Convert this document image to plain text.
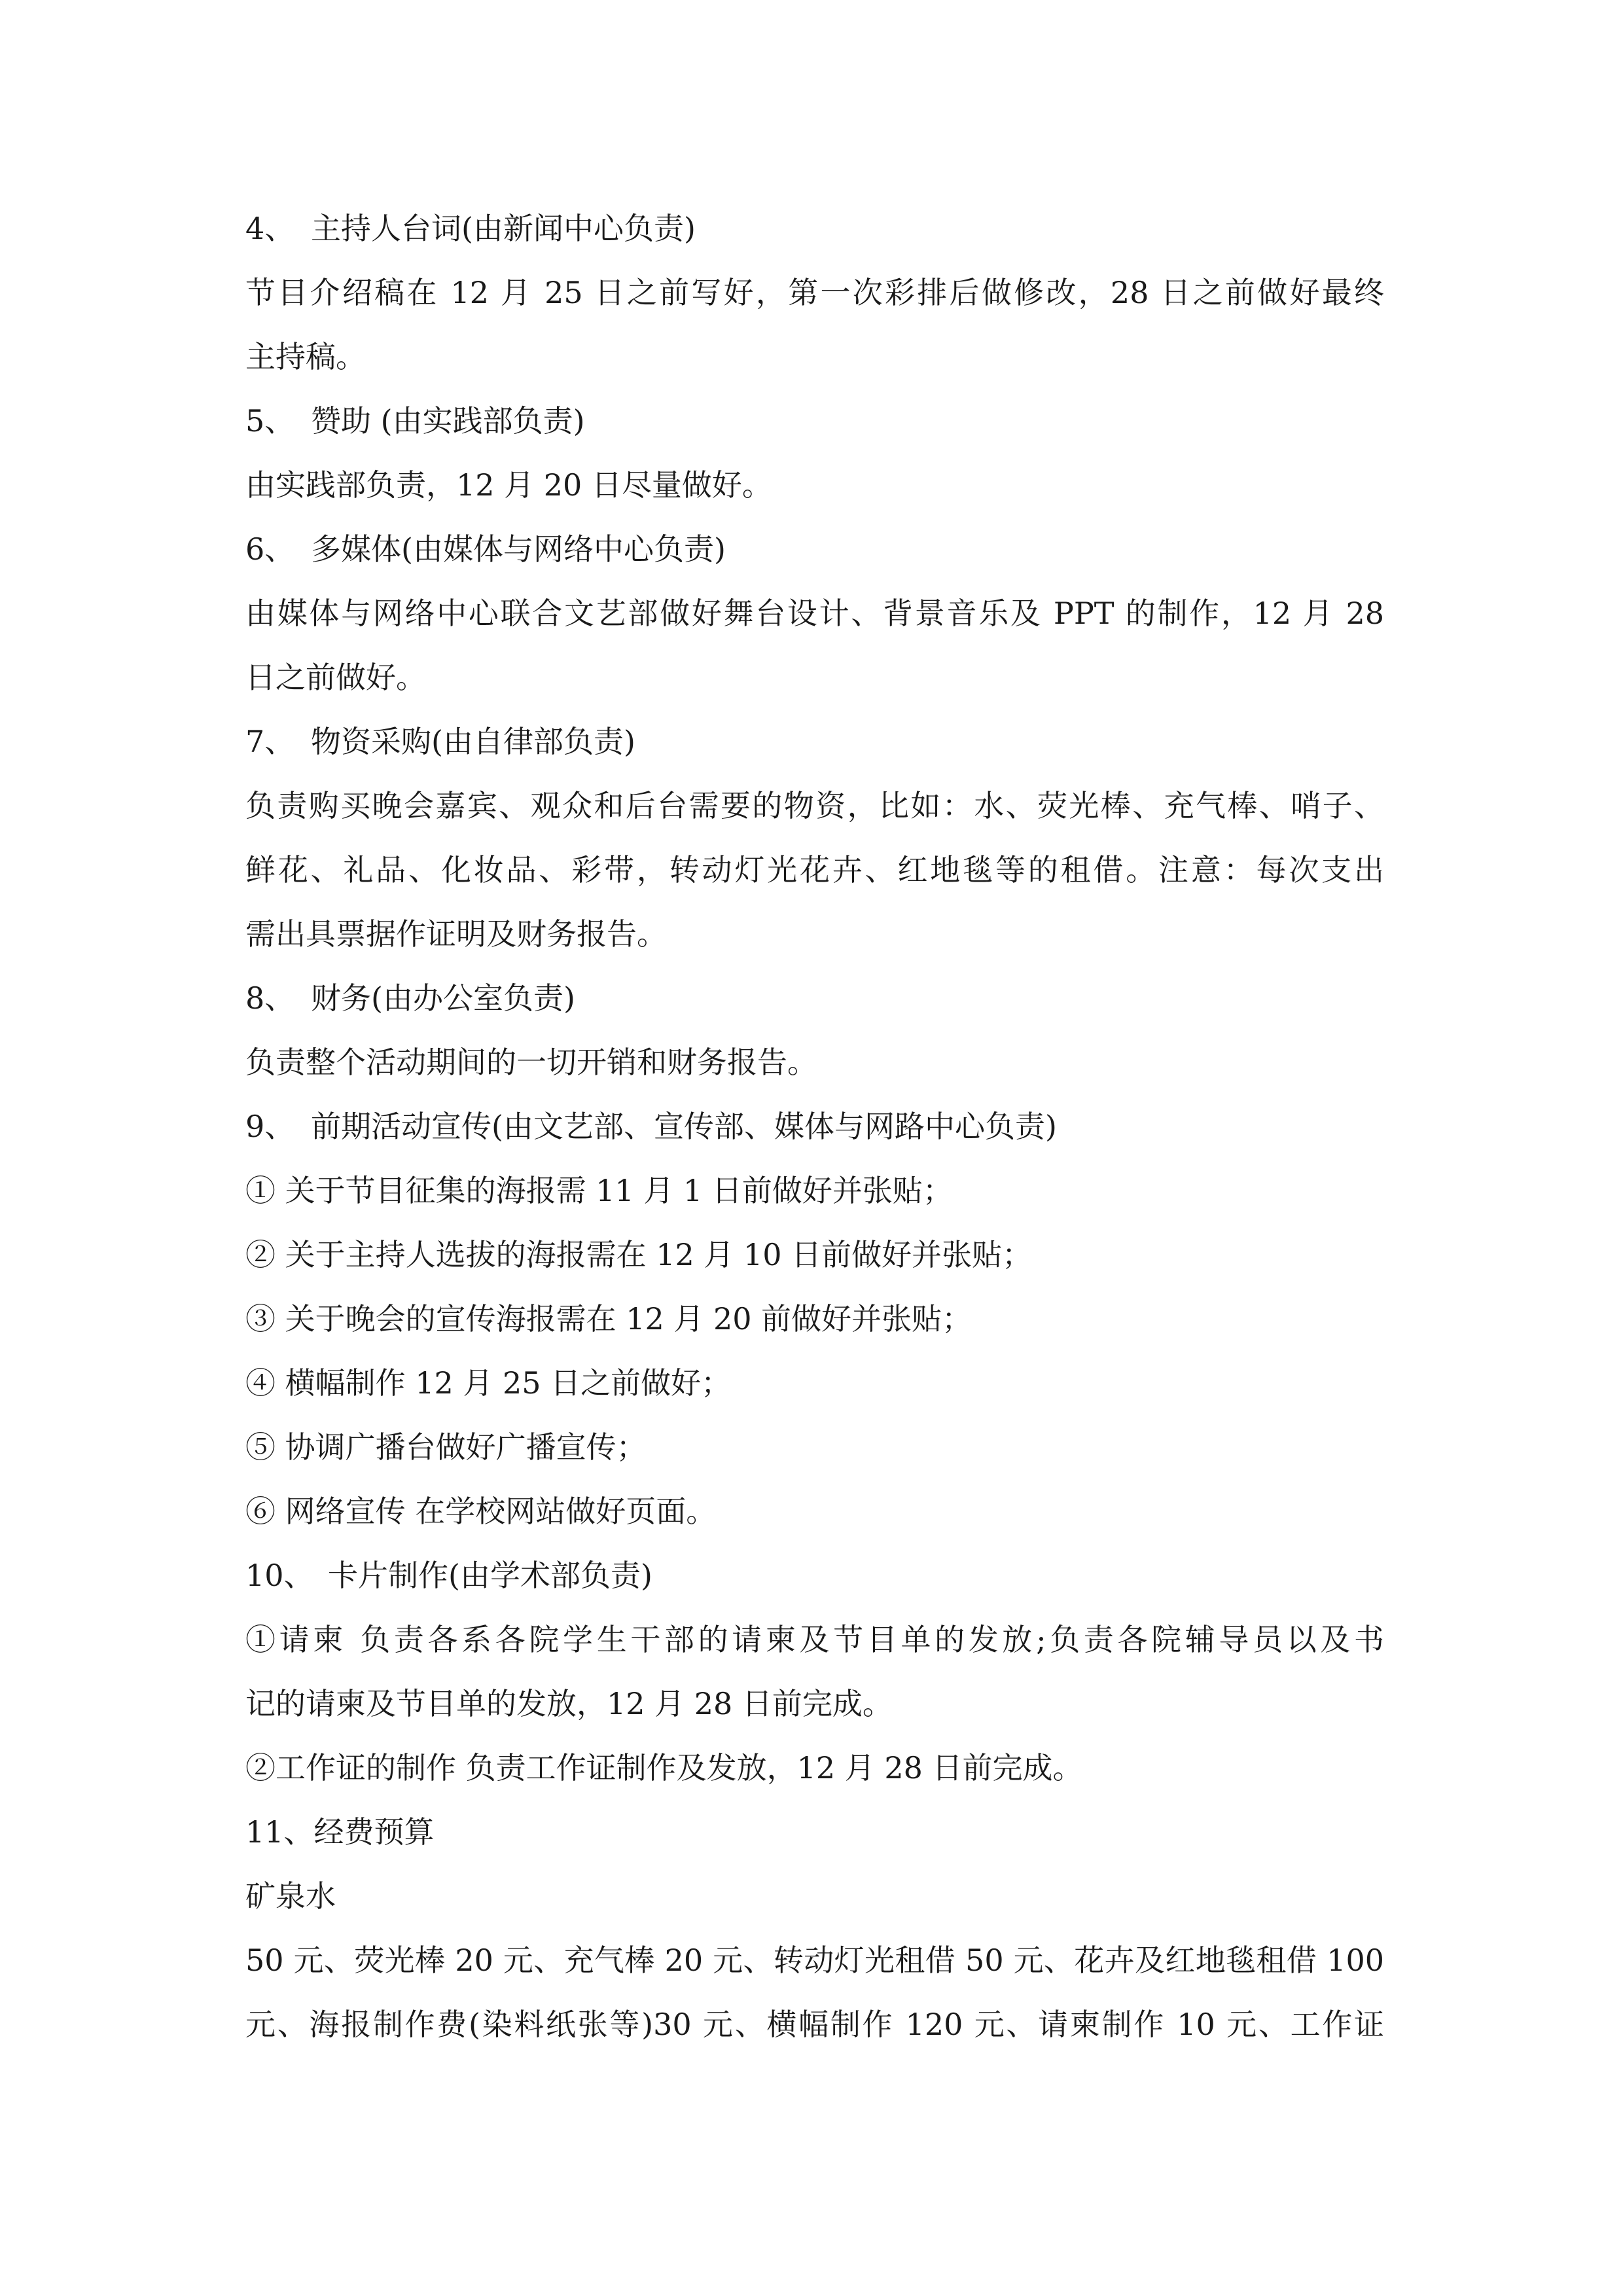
4、 主持人台词(由新闻中心负责)
节目介绍稿在 12 月 25 日之前写好，第一次彩排后做修改，28 日之前做好最终
主持稿。
5、 赞助 (由实践部负责)
由实践部负责，12 月 20 日尽量做好。
6、 多媒体(由媒体与网络中心负责)
由媒体与网络中心联合文艺部做好舞台设计、背景音乐及 PPT 的制作，12 月 28
日之前做好。
7、 物资采购(由自律部负责)
负责购买晚会嘉宾、观众和后台需要的物资，比如：水、荧光棒、充气棒、哨子、
鲜花、礼品、化妆品、彩带，转动灯光花卉、红地毯等的租借。注意：每次支出
需出具票据作证明及财务报告。
8、 财务(由办公室负责)
负责整个活动期间的一切开销和财务报告。
9、 前期活动宣传(由文艺部、宣传部、媒体与网路中心负责)
① 关于节目征集的海报需 11 月 1 日前做好并张贴；
② 关于主持人选拔的海报需在 12 月 10 日前做好并张贴；
③ 关于晚会的宣传海报需在 12 月 20 前做好并张贴；
④ 横幅制作 12 月 25 日之前做好；
⑤ 协调广播台做好广播宣传；
⑥ 网络宣传 在学校网站做好页面。
10、 卡片制作(由学术部负责)
①请柬 负责各系各院学生干部的请柬及节目单的发放;负责各院辅导员以及书
记的请柬及节目单的发放，12 月 28 日前完成。
②工作证的制作 负责工作证制作及发放，12 月 28 日前完成。
11、经费预算
矿泉水
50 元、荧光棒 20 元、充气棒 20 元、转动灯光租借 50 元、花卉及红地毯租借 100
元、海报制作费(染料纸张等)30 元、横幅制作 120 元、请柬制作 10 元、工作证
